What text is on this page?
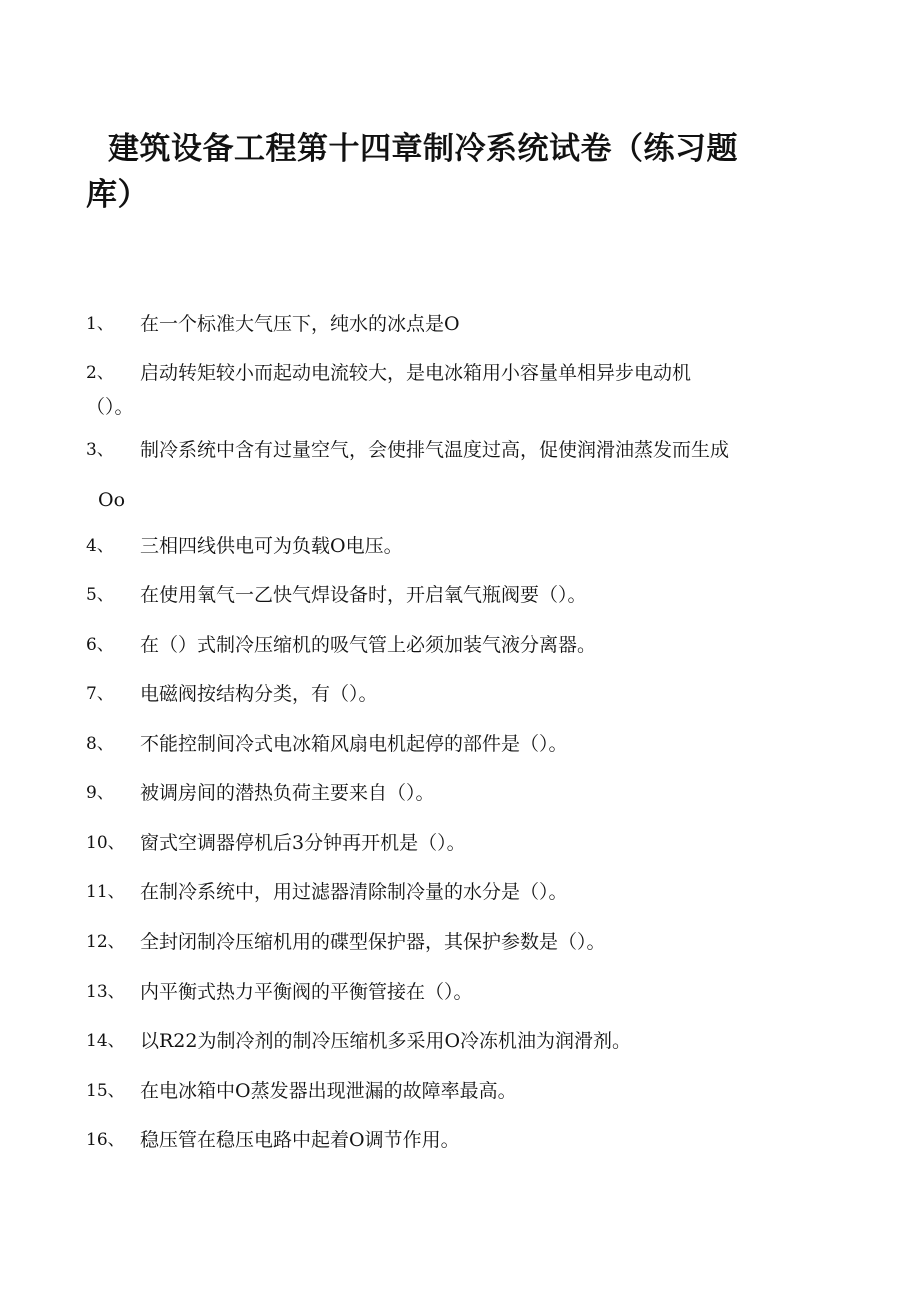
建筑设备工程第十四章制冷系统试卷（练习题
库）
1、	在一个标准大气压下，纯水的冰点是O
2、	启动转矩较小而起动电流较大，是电冰箱用小容量单相异步电动机
（）。
3、	制冷系统中含有过量空气，会使排气温度过高，促使润滑油蒸发而生成
Oo
4、	三相四线供电可为负载O电压。
5、	在使用氧气一乙快气焊设备时，开启氧气瓶阀要（）。
6、	在（）式制冷压缩机的吸气管上必须加装气液分离器。
7、	电磁阀按结构分类，有（）。
8、	不能控制间冷式电冰箱风扇电机起停的部件是（）。
9、	被调房间的潜热负荷主要来自（）。
10、 窗式空调器停机后3分钟再开机是（）。
11、 在制冷系统中，用过滤器清除制冷量的水分是（）。
12、 全封闭制冷压缩机用的碟型保护器，其保护参数是（）。
13、 内平衡式热力平衡阀的平衡管接在（）。
14、 以R22为制冷剂的制冷压缩机多采用O冷冻机油为润滑剂。
15、 在电冰箱中O蒸发器出现泄漏的故障率最高。
16、 稳压管在稳压电路中起着O调节作用。
